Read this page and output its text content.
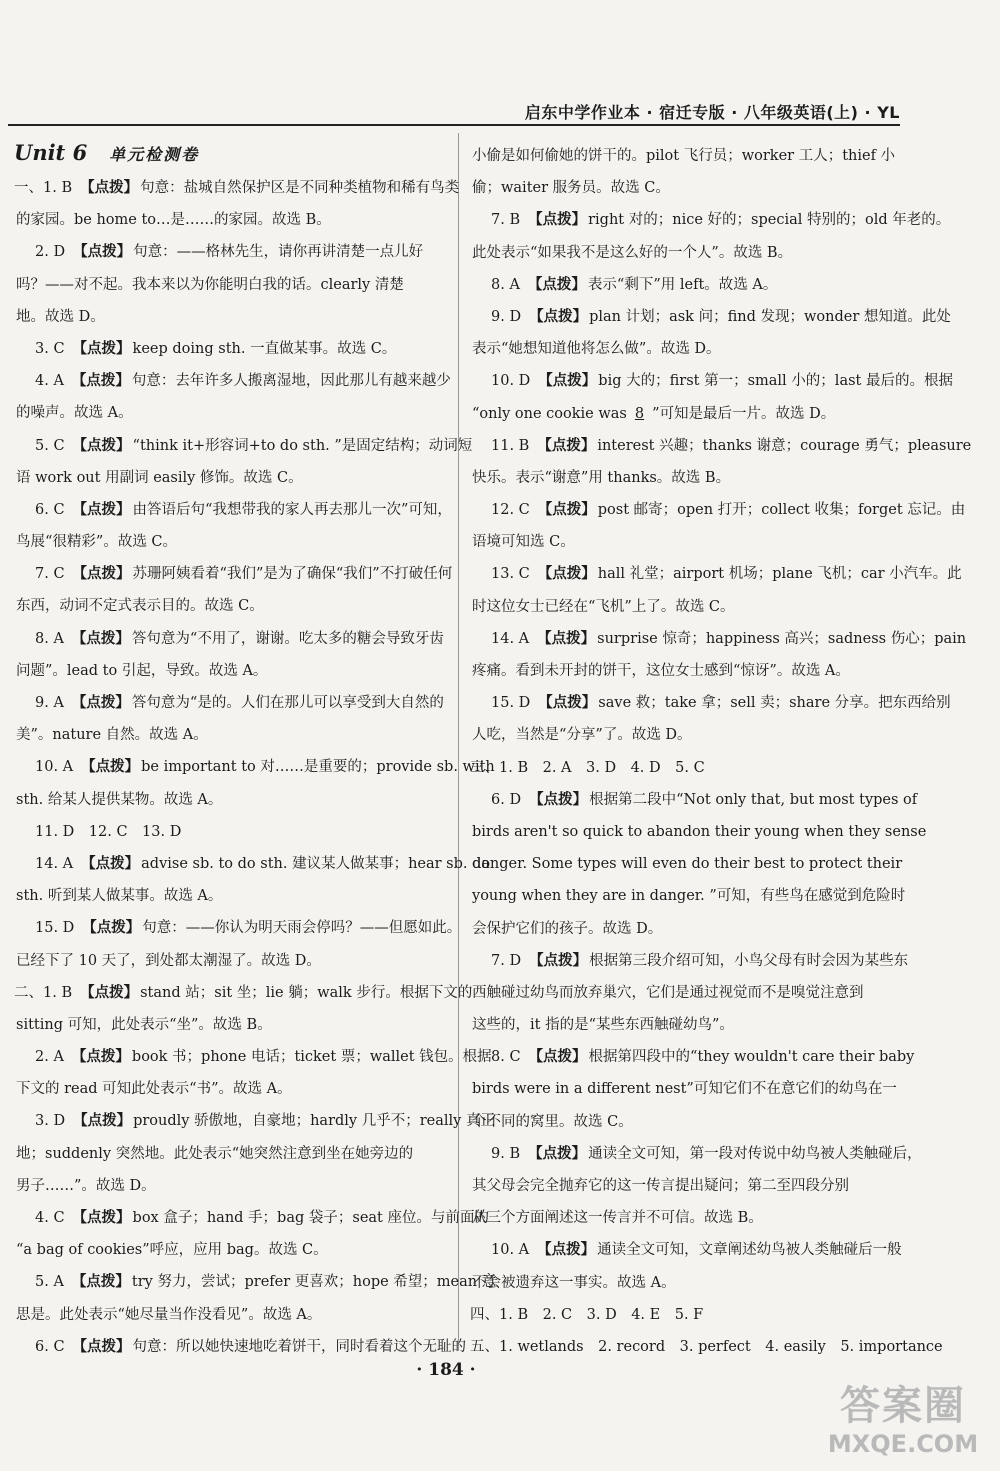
启东中学作业本 · 宿迁专版 · 八年级英语(上) · YL
Unit 6 单元检测卷
一、1. B 【点拨】 句意：盐城自然保护区是不同种类植物和稀有鸟类
的家园。be home to…是……的家园。故选 B。
2. D 【点拨】 句意：——格林先生，请你再讲清楚一点儿好
吗？——对不起。我本来以为你能明白我的话。clearly 清楚
地。故选 D。
3. C 【点拨】 keep doing sth. 一直做某事。故选 C。
4. A 【点拨】 句意：去年许多人搬离湿地，因此那儿有越来越少
的噪声。故选 A。
5. C 【点拨】 “think it+形容词+to do sth. ”是固定结构；动词短
语 work out 用副词 easily 修饰。故选 C。
6. C 【点拨】 由答语后句“我想带我的家人再去那儿一次”可知，
鸟展“很精彩”。故选 C。
7. C 【点拨】 苏珊阿姨看着“我们”是为了确保“我们”不打破任何
东西，动词不定式表示目的。故选 C。
8. A 【点拨】 答句意为“不用了，谢谢。吃太多的糖会导致牙齿
问题”。lead to 引起，导致。故选 A。
9. A 【点拨】 答句意为“是的。人们在那儿可以享受到大自然的
美”。nature 自然。故选 A。
10. A 【点拨】 be important to 对……是重要的；provide sb. with
sth. 给某人提供某物。故选 A。
11. D　12. C　13. D
14. A 【点拨】 advise sb. to do sth. 建议某人做某事；hear sb. do
sth. 听到某人做某事。故选 A。
15. D 【点拨】 句意：——你认为明天雨会停吗？——但愿如此。
已经下了 10 天了，到处都太潮湿了。故选 D。
二、1. B 【点拨】 stand 站；sit 坐；lie 躺；walk 步行。根据下文的
sitting 可知，此处表示“坐”。故选 B。
2. A 【点拨】 book 书；phone 电话；ticket 票；wallet 钱包。根据
下文的 read 可知此处表示“书”。故选 A。
3. D 【点拨】 proudly 骄傲地，自豪地；hardly 几乎不；really 真正
地；suddenly 突然地。此处表示“她突然注意到坐在她旁边的
男子……”。故选 D。
4. C 【点拨】 box 盒子；hand 手；bag 袋子；seat 座位。与前面的
“a bag of cookies”呼应，应用 bag。故选 C。
5. A 【点拨】 try 努力，尝试；prefer 更喜欢；hope 希望；mean 意
思是。此处表示“她尽量当作没看见”。故选 A。
6. C 【点拨】 句意：所以她快速地吃着饼干，同时看着这个无耻的
小偷是如何偷她的饼干的。pilot 飞行员；worker 工人；thief 小
偷；waiter 服务员。故选 C。
7. B 【点拨】 right 对的；nice 好的；special 特别的；old 年老的。
此处表示“如果我不是这么好的一个人”。故选 B。
8. A 【点拨】 表示“剩下”用 left。故选 A。
9. D 【点拨】 plan 计划；ask 问；find 发现；wonder 想知道。此处
表示“她想知道他将怎么做”。故选 D。
10. D 【点拨】 big 大的；first 第一；small 小的；last 最后的。根据
“only one cookie was 8 ”可知是最后一片。故选 D。
11. B 【点拨】 interest 兴趣；thanks 谢意；courage 勇气；pleasure
快乐。表示“谢意”用 thanks。故选 B。
12. C 【点拨】 post 邮寄；open 打开；collect 收集；forget 忘记。由
语境可知选 C。
13. C 【点拨】 hall 礼堂；airport 机场；plane 飞机；car 小汽车。此
时这位女士已经在“飞机”上了。故选 C。
14. A 【点拨】 surprise 惊奇；happiness 高兴；sadness 伤心；pain
疼痛。看到未开封的饼干，这位女士感到“惊讶”。故选 A。
15. D 【点拨】 save 救；take 拿；sell 卖；share 分享。把东西给别
人吃，当然是“分享”了。故选 D。
三、1. B　2. A　3. D　4. D　5. C
6. D 【点拨】 根据第二段中“Not only that, but most types of
birds aren't so quick to abandon their young when they sense
danger. Some types will even do their best to protect their
young when they are in danger. ”可知，有些鸟在感觉到危险时
会保护它们的孩子。故选 D。
7. D 【点拨】 根据第三段介绍可知，小鸟父母有时会因为某些东
西触碰过幼鸟而放弃巢穴，它们是通过视觉而不是嗅觉注意到
这些的，it 指的是“某些东西触碰幼鸟”。
8. C 【点拨】 根据第四段中的“they wouldn't care their baby
birds were in a different nest”可知它们不在意它们的幼鸟在一
个不同的窝里。故选 C。
9. B 【点拨】 通读全文可知，第一段对传说中幼鸟被人类触碰后，
其父母会完全抛弃它的这一传言提出疑问；第二至四段分别
从三个方面阐述这一传言并不可信。故选 B。
10. A 【点拨】 通读全文可知，文章阐述幼鸟被人类触碰后一般
不会被遗弃这一事实。故选 A。
四、1. B　2. C　3. D　4. E　5. F
五、1. wetlands　2. record　3. perfect　4. easily　5. importance
· 184 ·
答案圈
MXQE.COM
